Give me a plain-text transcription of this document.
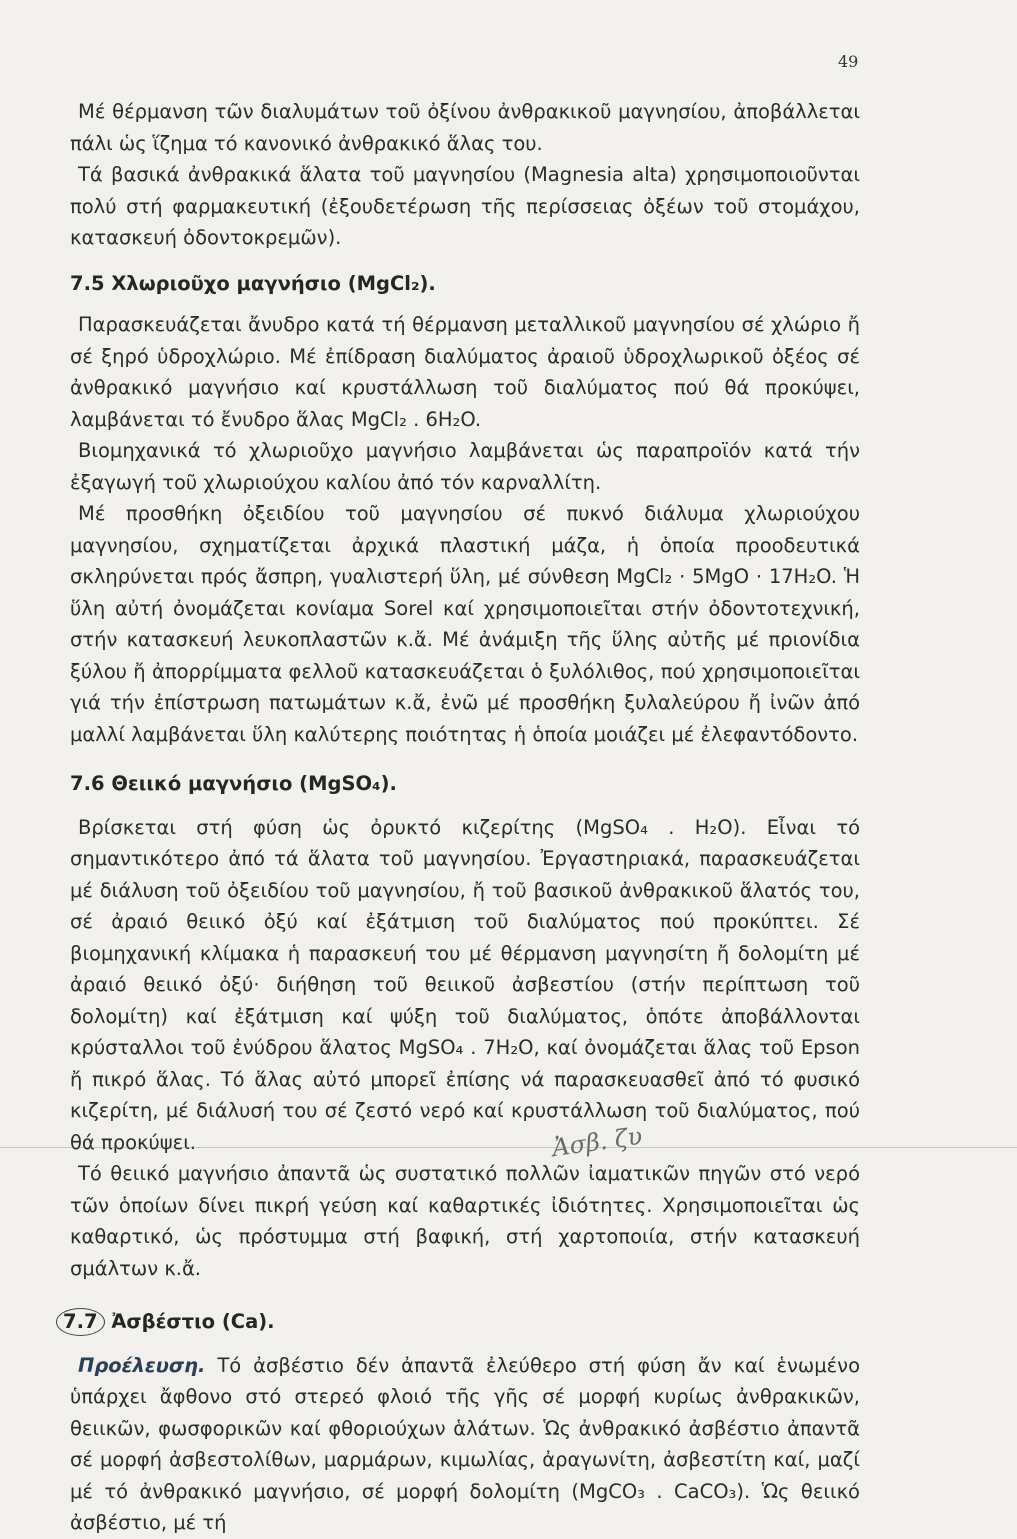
49

Μέ θέρμανση τῶν διαλυμάτων τοῦ ὀξίνου ἀνθρακικοῦ μαγνησίου, ἀποβάλλεται πάλι ὡς ἵζημα τό κανονικό ἀνθρακικό ἅλας του.

Τά βασικά ἀνθρακικά ἅλατα τοῦ μαγνησίου (Magnesia alta) χρησιμοποιοῦνται πολύ στή φαρμακευτική (ἐξουδετέρωση τῆς περίσσειας ὀξέων τοῦ στομάχου, κατασκευή ὀδοντοκρεμῶν).

7.5 Χλωριοῦχο μαγνήσιο (MgCl₂).

Παρασκευάζεται ἄνυδρο κατά τή θέρμανση μεταλλικοῦ μαγνησίου σέ χλώριο ἤ σέ ξηρό ὑδροχλώριο. Μέ ἐπίδραση διαλύματος ἀραιοῦ ὑδροχλωρικοῦ ὀξέος σέ ἀνθρακικό μαγνήσιο καί κρυστάλλωση τοῦ διαλύματος πού θά προκύψει, λαμβάνεται τό ἔνυδρο ἅλας MgCl₂ . 6H₂O.

Βιομηχανικά τό χλωριοῦχο μαγνήσιο λαμβάνεται ὡς παραπροϊόν κατά τήν ἐξαγωγή τοῦ χλωριούχου καλίου ἀπό τόν καρναλλίτη.

Μέ προσθήκη ὀξειδίου τοῦ μαγνησίου σέ πυκνό διάλυμα χλωριούχου μαγνησίου, σχηματίζεται ἀρχικά πλαστική μάζα, ἡ ὁποία προοδευτικά σκληρύνεται πρός ἄσπρη, γυαλιστερή ὕλη, μέ σύνθεση MgCl₂ · 5MgO · 17H₂O. Ἡ ὕλη αὐτή ὀνομάζεται κονίαμα Sorel καί χρησιμοποιεῖται στήν ὀδοντοτεχνική, στήν κατασκευή λευκοπλαστῶν κ.ἄ. Μέ ἀνάμιξη τῆς ὕλης αὐτῆς μέ πριονίδια ξύλου ἤ ἀπορρίμματα φελλοῦ κατασκευάζεται ὁ ξυλόλιθος, πού χρησιμοποιεῖται γιά τήν ἐπίστρωση πατωμάτων κ.ἄ, ἐνῶ μέ προσθήκη ξυλαλεύρου ἤ ἰνῶν ἀπό μαλλί λαμβάνεται ὕλη καλύτερης ποιότητας ἡ ὁποία μοιάζει μέ ἐλεφαντόδοντο.

7.6 Θειικό μαγνήσιο (MgSO₄).

Βρίσκεται στή φύση ὡς ὀρυκτό κιζερίτης (MgSO₄ . H₂O). Εἶναι τό σημαντικότερο ἀπό τά ἅλατα τοῦ μαγνησίου. Ἐργαστηριακά, παρασκευάζεται μέ διάλυση τοῦ ὀξειδίου τοῦ μαγνησίου, ἤ τοῦ βασικοῦ ἀνθρακικοῦ ἅλατός του, σέ ἀραιό θειικό ὀξύ καί ἐξάτμιση τοῦ διαλύματος πού προκύπτει. Σέ βιομηχανική κλίμακα ἡ παρασκευή του μέ θέρμανση μαγνησίτη ἤ δολομίτη μέ ἀραιό θειικό ὀξύ· διήθηση τοῦ θειικοῦ ἀσβεστίου (στήν περίπτωση τοῦ δολομίτη) καί ἐξάτμιση καί ψύξη τοῦ διαλύματος, ὁπότε ἀποβάλλονται κρύσταλλοι τοῦ ἐνύδρου ἅλατος MgSO₄ . 7H₂O, καί ὀνομάζεται ἅλας τοῦ Epson ἤ πικρό ἅλας. Τό ἅλας αὐτό μπορεῖ ἐπίσης νά παρασκευασθεῖ ἀπό τό φυσικό κιζερίτη, μέ διάλυσή του σέ ζεστό νερό καί κρυστάλλωση τοῦ διαλύματος, πού θά προκύψει.

Τό θειικό μαγνήσιο ἀπαντᾶ ὡς συστατικό πολλῶν ἰαματικῶν πηγῶν στό νερό τῶν ὁποίων δίνει πικρή γεύση καί καθαρτικές ἰδιότητες. Χρησιμοποιεῖται ὡς καθαρτικό, ὡς πρόστυμμα στή βαφική, στή χαρτοποιία, στήν κατασκευή σμάλτων κ.ἄ.

7.7 Ἀσβέστιο (Ca).

Προέλευση. Τό ἀσβέστιο δέν ἀπαντᾶ ἐλεύθερο στή φύση ἄν καί ἑνωμένο ὑπάρχει ἄφθονο στό στερεό φλοιό τῆς γῆς σέ μορφή κυρίως ἀνθρακικῶν, θειικῶν, φωσφορικῶν καί φθοριούχων ἁλάτων. Ὡς ἀνθρακικό ἀσβέστιο ἀπαντᾶ σέ μορφή ἀσβεστολίθων, μαρμάρων, κιμωλίας, ἀραγωνίτη, ἀσβεστίτη καί, μαζί μέ τό ἀνθρακικό μαγνήσιο, σέ μορφή δολομίτη (MgCO₃ . CaCO₃). Ὡς θειικό ἀσβέστιο, μέ τή

Ἀσβ. ζυ
